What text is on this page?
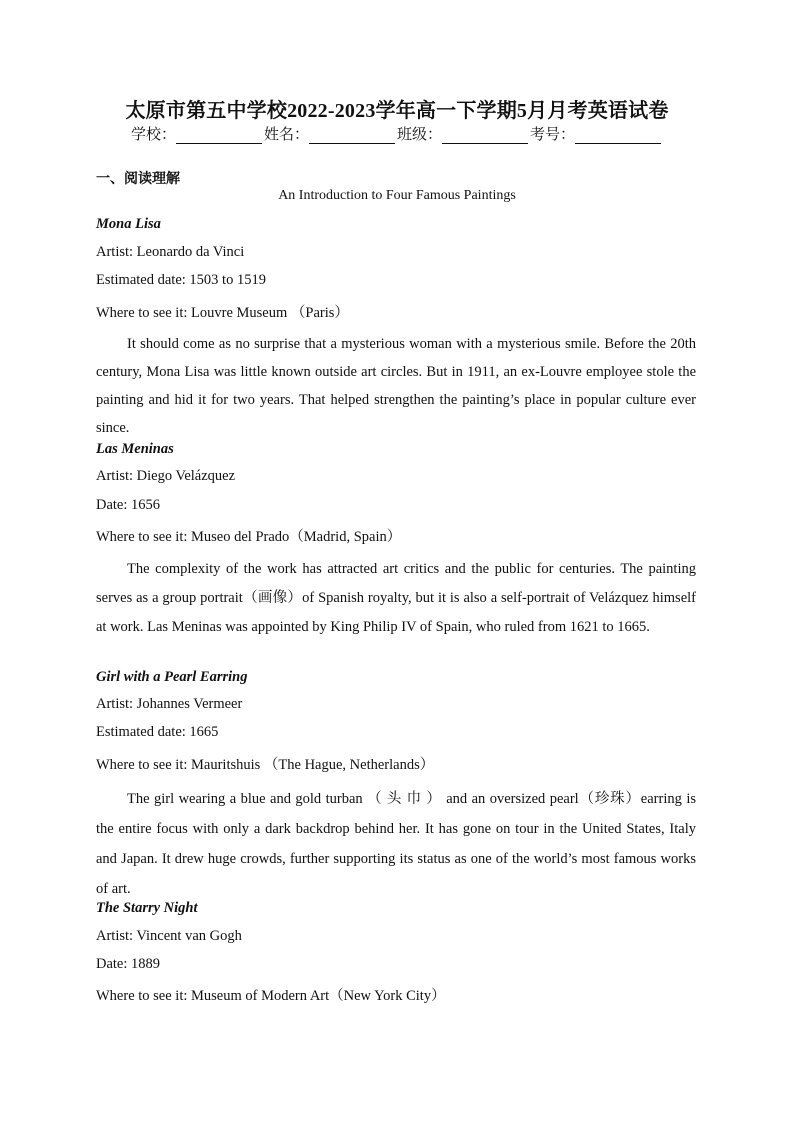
太原市第五中学校2022-2023学年高一下学期5月月考英语试卷
学校：	姓名：	班级：	考号：
一、阅读理解
An Introduction to Four Famous Paintings
Mona Lisa
Artist: Leonardo da Vinci
Estimated date: 1503 to 1519
Where to see it: Louvre Museum （Paris）
It should come as no surprise that a mysterious woman with a mysterious smile. Before the 20th century, Mona Lisa was little known outside art circles. But in 1911, an ex-Louvre employee stole the painting and hid it for two years. That helped strengthen the painting’s place in popular culture ever since.
Las Meninas
Artist: Diego Velázquez
Date: 1656
Where to see it: Museo del Prado（Madrid, Spain）
The complexity of the work has attracted art critics and the public for centuries. The painting serves as a group portrait（画像）of Spanish royalty, but it is also a self-portrait of Velázquez himself at work. Las Meninas was appointed by King Philip IV of Spain, who ruled from 1621 to 1665.
Girl with a Pearl Earring
Artist: Johannes Vermeer
Estimated date: 1665
Where to see it: Mauritshuis （The Hague, Netherlands）
The girl wearing a blue and gold turban （ 头 巾 ） and an oversized pearl（珍珠）earring is the entire focus with only a dark backdrop behind her. It has gone on tour in the United States, Italy and Japan. It drew huge crowds, further supporting its status as one of the world’s most famous works of art.
The Starry Night
Artist: Vincent van Gogh
Date: 1889
Where to see it: Museum of Modern Art（New York City）
